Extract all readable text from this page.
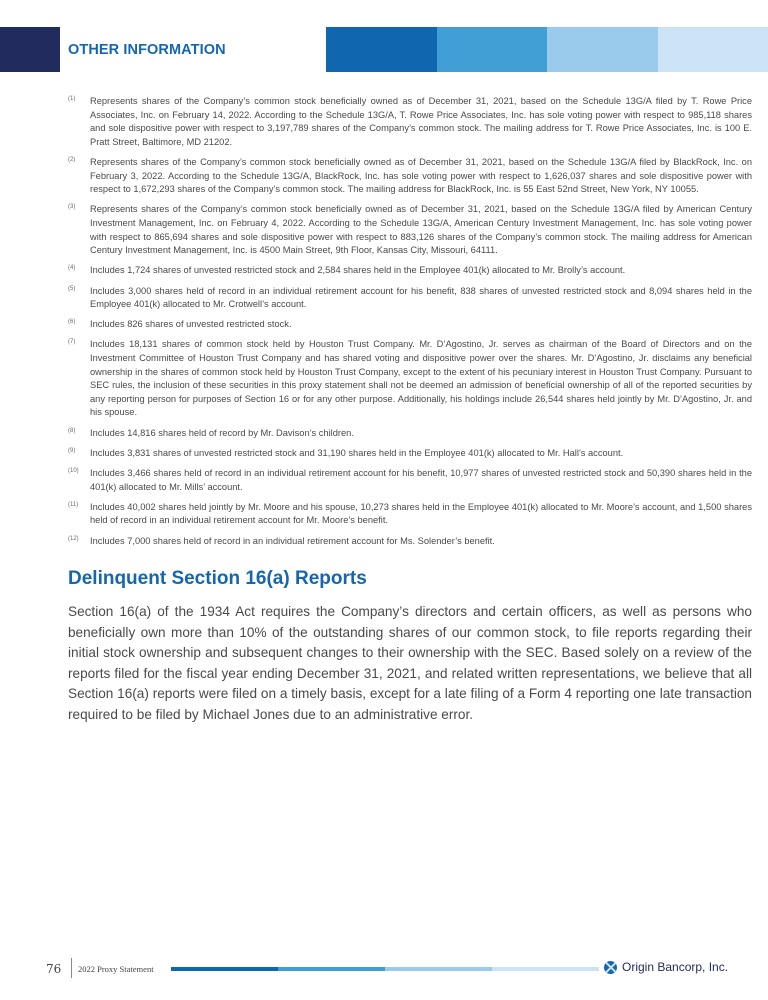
OTHER INFORMATION
(1) Represents shares of the Company’s common stock beneficially owned as of December 31, 2021, based on the Schedule 13G/A filed by T. Rowe Price Associates, Inc. on February 14, 2022. According to the Schedule 13G/A, T. Rowe Price Associates, Inc. has sole voting power with respect to 985,118 shares and sole dispositive power with respect to 3,197,789 shares of the Company’s common stock. The mailing address for T. Rowe Price Associates, Inc. is 100 E. Pratt Street, Baltimore, MD 21202.
(2) Represents shares of the Company’s common stock beneficially owned as of December 31, 2021, based on the Schedule 13G/A filed by BlackRock, Inc. on February 3, 2022. According to the Schedule 13G/A, BlackRock, Inc. has sole voting power with respect to 1,626,037 shares and sole dispositive power with respect to 1,672,293 shares of the Company’s common stock. The mailing address for BlackRock, Inc. is 55 East 52nd Street, New York, NY 10055.
(3) Represents shares of the Company’s common stock beneficially owned as of December 31, 2021, based on the Schedule 13G/A filed by American Century Investment Management, Inc. on February 4, 2022. According to the Schedule 13G/A, American Century Investment Management, Inc. has sole voting power with respect to 865,694 shares and sole dispositive power with respect to 883,126 shares of the Company’s common stock. The mailing address for American Century Investment Management, Inc. is 4500 Main Street, 9th Floor, Kansas City, Missouri, 64111.
(4) Includes 1,724 shares of unvested restricted stock and 2,584 shares held in the Employee 401(k) allocated to Mr. Brolly’s account.
(5) Includes 3,000 shares held of record in an individual retirement account for his benefit, 838 shares of unvested restricted stock and 8,094 shares held in the Employee 401(k) allocated to Mr. Crotwell’s account.
(6) Includes 826 shares of unvested restricted stock.
(7) Includes 18,131 shares of common stock held by Houston Trust Company. Mr. D’Agostino, Jr. serves as chairman of the Board of Directors and on the Investment Committee of Houston Trust Company and has shared voting and dispositive power over the shares. Mr. D’Agostino, Jr. disclaims any beneficial ownership in the shares of common stock held by Houston Trust Company, except to the extent of his pecuniary interest in Houston Trust Company. Pursuant to SEC rules, the inclusion of these securities in this proxy statement shall not be deemed an admission of beneficial ownership of all of the reported securities by any reporting person for purposes of Section 16 or for any other purpose. Additionally, his holdings include 26,544 shares held jointly by Mr. D’Agostino, Jr. and his spouse.
(8) Includes 14,816 shares held of record by Mr. Davison’s children.
(9) Includes 3,831 shares of unvested restricted stock and 31,190 shares held in the Employee 401(k) allocated to Mr. Hall’s account.
(10) Includes 3,466 shares held of record in an individual retirement account for his benefit, 10,977 shares of unvested restricted stock and 50,390 shares held in the 401(k) allocated to Mr. Mills’ account.
(11) Includes 40,002 shares held jointly by Mr. Moore and his spouse, 10,273 shares held in the Employee 401(k) allocated to Mr. Moore’s account, and 1,500 shares held of record in an individual retirement account for Mr. Moore’s benefit.
(12) Includes 7,000 shares held of record in an individual retirement account for Ms. Solender’s benefit.
Delinquent Section 16(a) Reports

Section 16(a) of the 1934 Act requires the Company’s directors and certain officers, as well as persons who beneficially own more than 10% of the outstanding shares of our common stock, to file reports regarding their initial stock ownership and subsequent changes to their ownership with the SEC. Based solely on a review of the reports filed for the fiscal year ending December 31, 2021, and related written representations, we believe that all Section 16(a) reports were filed on a timely basis, except for a late filing of a Form 4 reporting one late transaction required to be filed by Michael Jones due to an administrative error.

76 2022 Proxy Statement	Origin Bancorp, Inc.
